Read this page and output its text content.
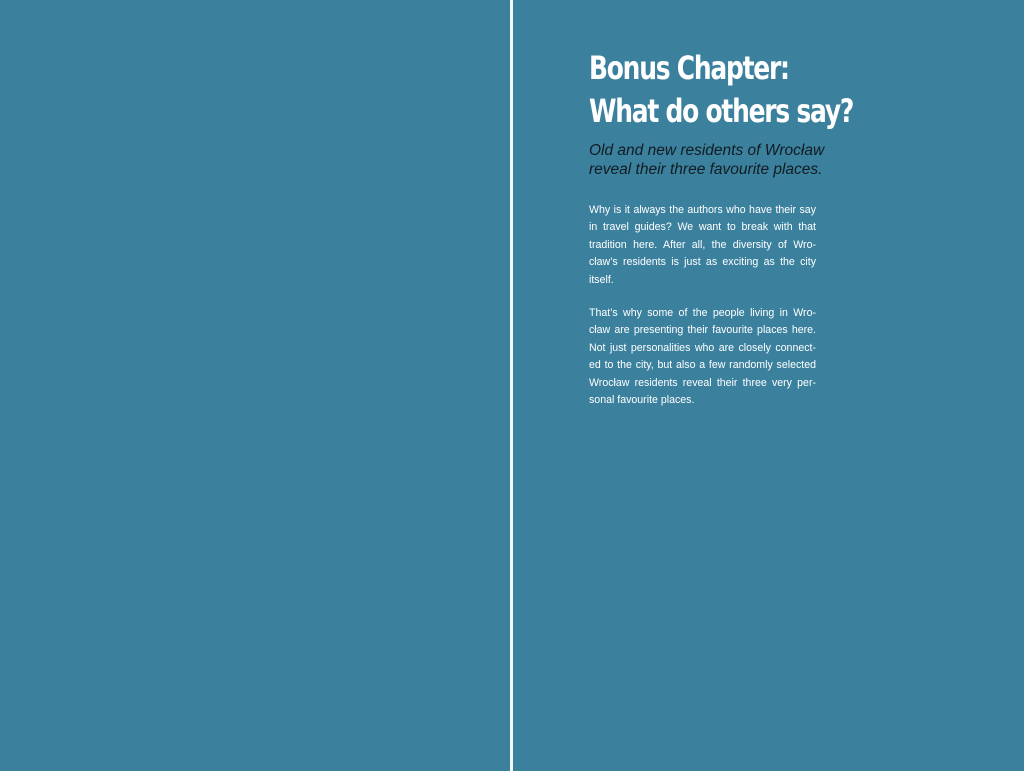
Bonus Chapter:
What do others say?

Old and new residents of Wrocław
reveal their three favourite places.

Why is it always the authors who have their say
in travel guides? We want to break with that
tradition here. After all, the diversity of Wro-
cław’s residents is just as exciting as the city
itself.

That’s why some of the people living in Wro-
cław are presenting their favourite places here.
Not just personalities who are closely connect-
ed to the city, but also a few randomly selected
Wrocław residents reveal their three very per-
sonal favourite places.
